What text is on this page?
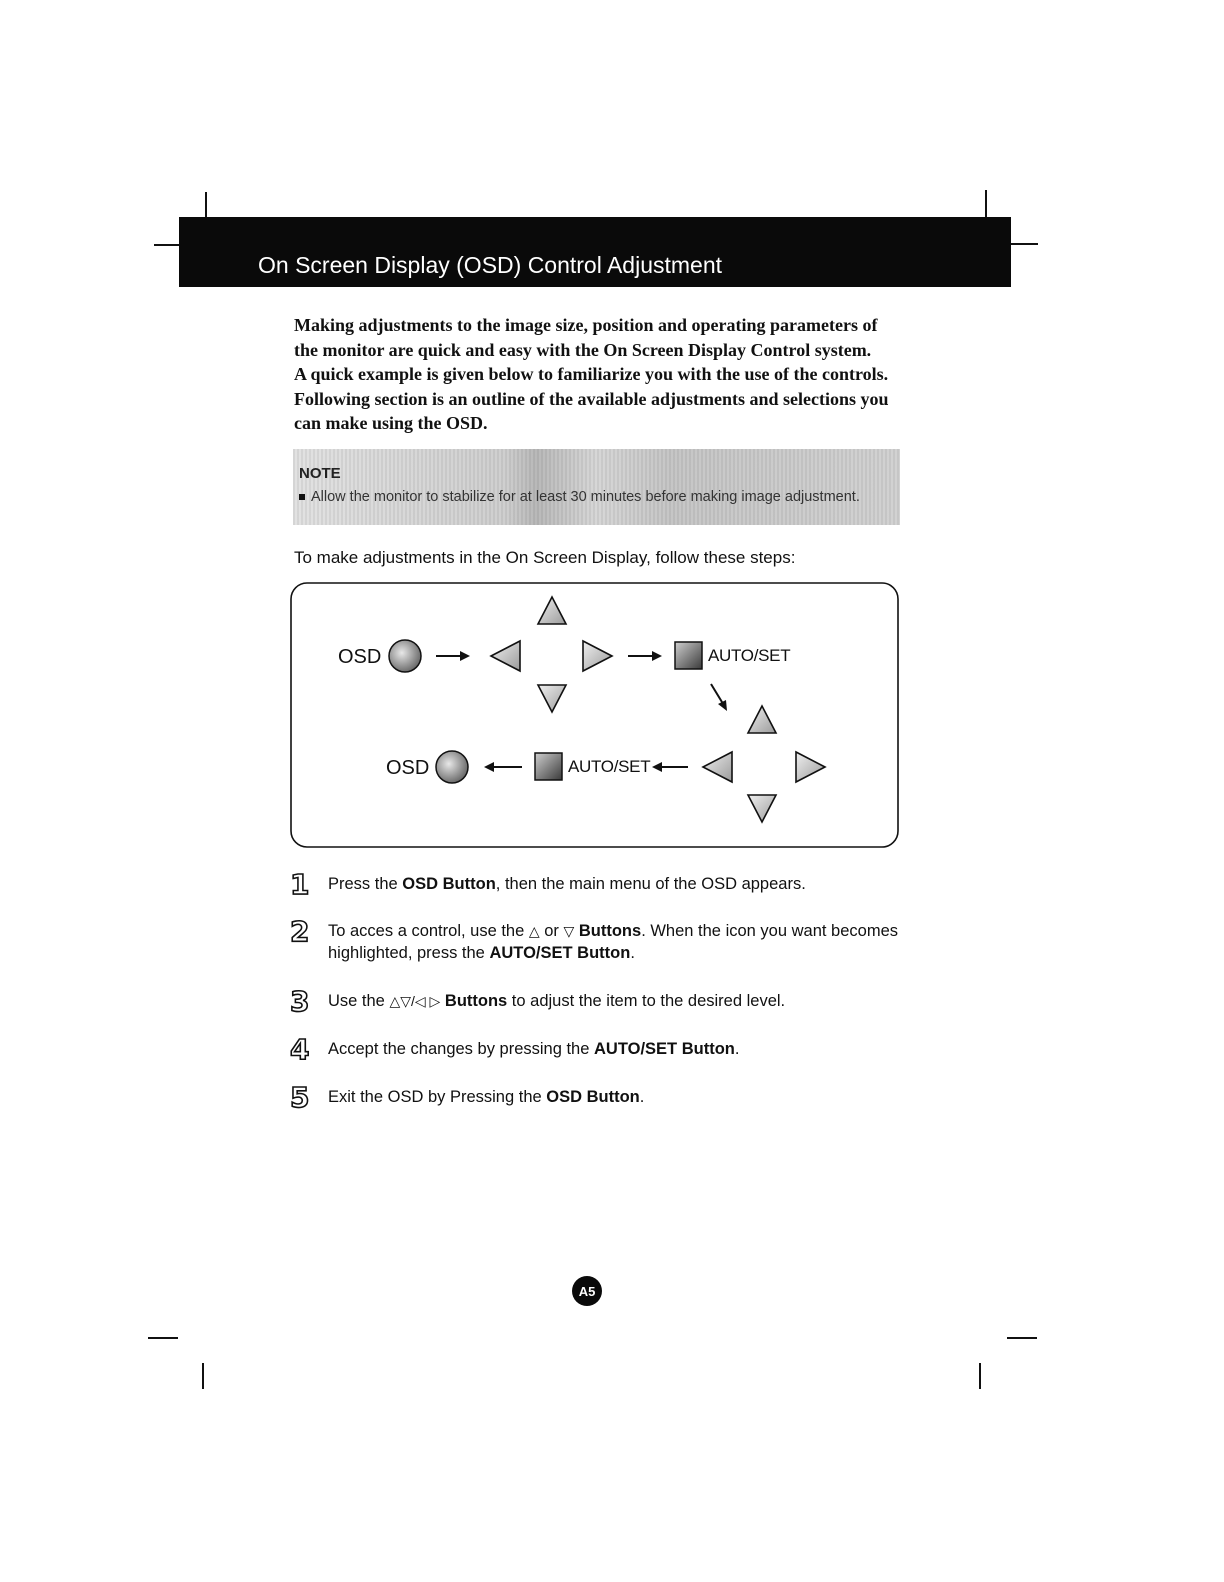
On Screen Display (OSD) Control Adjustment

Making adjustments to the image size, position and operating parameters of

the monitor are quick and easy with the On Screen Display Control system.

A quick example is given below to familiarize you with the use of the controls.

Following section is an outline of the available adjustments and selections you

can make using the OSD.

NOTE
Allow the monitor to stabilize for at least 30 minutes before making image adjustment.
To make adjustments in the On Screen Display, follow these steps:
OSD	AUTO/SET
OSD	AUTO/SET
1 Press the OSD Button, then the main menu of the OSD appears.
2 To acces a control, use the △ or ▽ Buttons. When the icon you want becomes highlighted, press the AUTO/SET Button.
3 Use the △▽/◁ ▷ Buttons to adjust the item to the desired level.
4 Accept the changes by pressing the AUTO/SET Button.
5 Exit the OSD by Pressing the OSD Button.
A5
